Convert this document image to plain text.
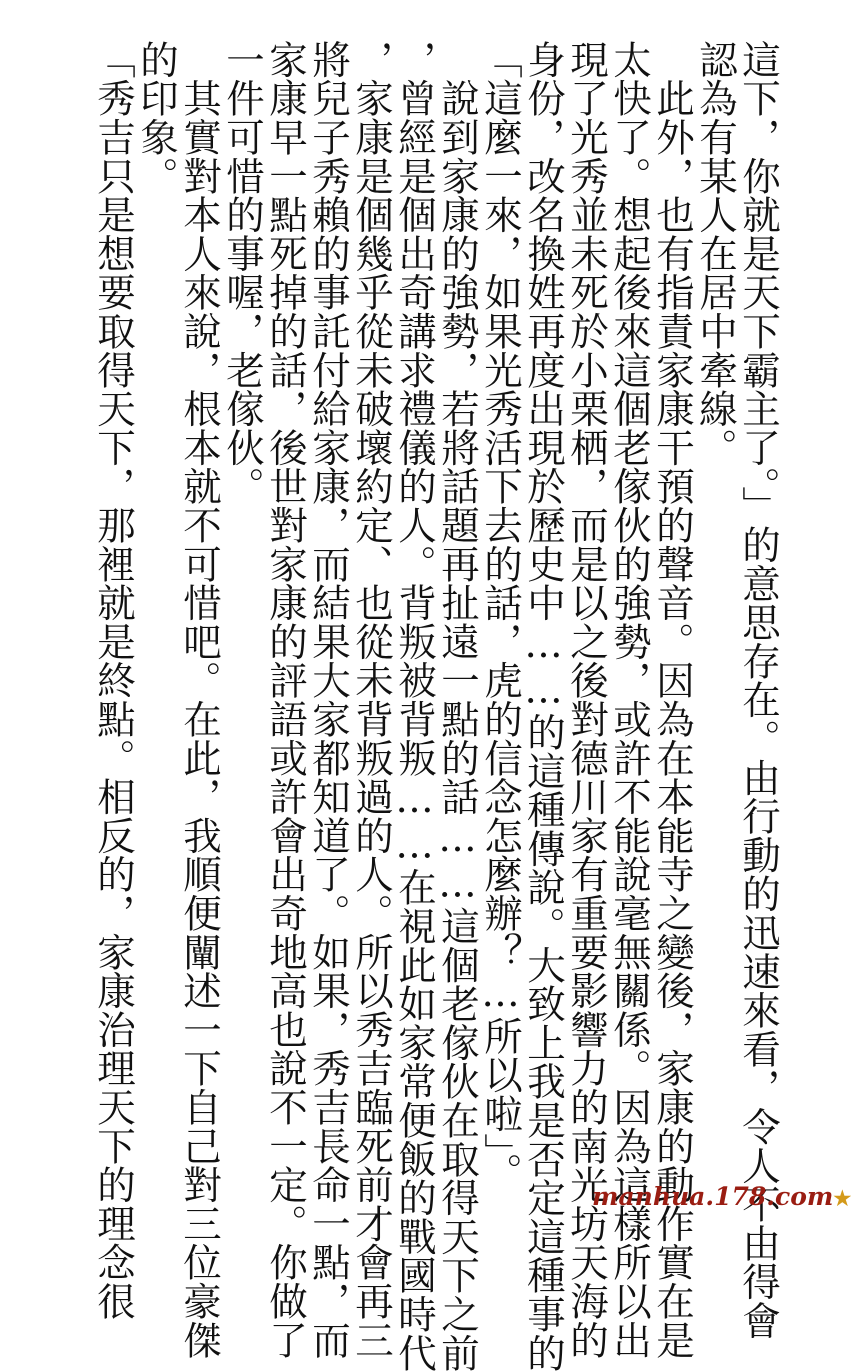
這下，你就是天下霸主了。」的意思存在。由行動的迅速來看，令人不由得會
認為有某人在居中牽線。
　此外，也有指責家康干預的聲音。因為在本能寺之變後，家康的動作實在是
太快了。想起後來這個老傢伙的強勢，或許不能說毫無關係。因為這樣所以出
現了光秀並未死於小栗栖，而是以之後對德川家有重要影響力的南光坊天海的
身份，改名換姓再度出現於歷史中……的這種傳說。大致上我是否定這種事的
「這麼一來，如果光秀活下去的話，虎的信念怎麼辦？…所以啦」。
　說到家康的強勢，若將話題再扯遠一點的話……這個老傢伙在取得天下之前
，曾經是個出奇講求禮儀的人。背叛被背叛……在視此如家常便飯的戰國時代
，家康是個幾乎從未破壞約定、也從未背叛過的人。所以秀吉臨死前才會再三
將兒子秀賴的事託付給家康，而結果大家都知道了。如果，秀吉長命一點，而
家康早一點死掉的話，後世對家康的評語或許會出奇地高也說不一定。你做了
一件可惜的事喔，老傢伙。
　其實對本人來說，根本就不可惜吧。在此，我順便闡述一下自己對三位豪傑
的印象。
「秀吉只是想要取得天下，那裡就是終點。相反的，家康治理天下的理念很	manhua.178.com★
